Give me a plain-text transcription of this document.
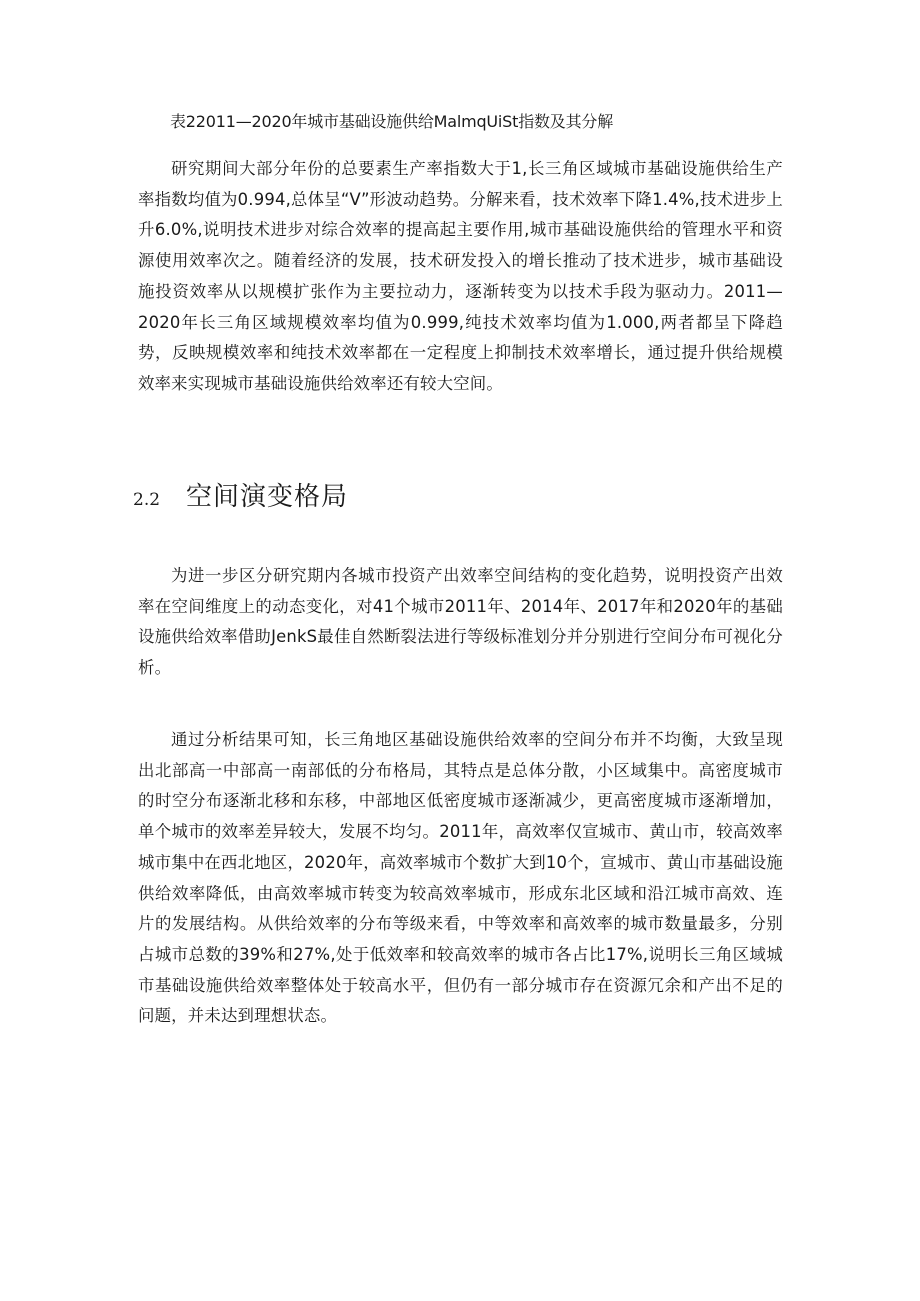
表22011—2020年城市基础设施供给MalmqUiSt指数及其分解

研究期间大部分年份的总要素生产率指数大于1,长三角区域城市基础设施供给生产率指数均值为0.994,总体呈“V”形波动趋势。分解来看，技术效率下降1.4%,技术进步上升6.0%,说明技术进步对综合效率的提高起主要作用,城市基础设施供给的管理水平和资源使用效率次之。随着经济的发展，技术研发投入的增长推动了技术进步，城市基础设施投资效率从以规模扩张作为主要拉动力，逐渐转变为以技术手段为驱动力。2011—2020年长三角区域规模效率均值为0.999,纯技术效率均值为1.000,两者都呈下降趋势，反映规模效率和纯技术效率都在一定程度上抑制技术效率增长，通过提升供给规模效率来实现城市基础设施供给效率还有较大空间。

2.2 空间演变格局

为进一步区分研究期内各城市投资产出效率空间结构的变化趋势，说明投资产出效率在空间维度上的动态变化，对41个城市2011年、2014年、2017年和2020年的基础设施供给效率借助JenkS最佳自然断裂法进行等级标准划分并分别进行空间分布可视化分析。

通过分析结果可知，长三角地区基础设施供给效率的空间分布并不均衡，大致呈现出北部高一中部高一南部低的分布格局，其特点是总体分散，小区域集中。高密度城市的时空分布逐渐北移和东移，中部地区低密度城市逐渐减少，更高密度城市逐渐增加，单个城市的效率差异较大，发展不均匀。2011年，高效率仅宣城市、黄山市，较高效率城市集中在西北地区，2020年，高效率城市个数扩大到10个，宣城市、黄山市基础设施供给效率降低，由高效率城市转变为较高效率城市，形成东北区域和沿江城市高效、连片的发展结构。从供给效率的分布等级来看，中等效率和高效率的城市数量最多，分别占城市总数的39%和27%,处于低效率和较高效率的城市各占比17%,说明长三角区域城市基础设施供给效率整体处于较高水平，但仍有一部分城市存在资源冗余和产出不足的问题，并未达到理想状态。
